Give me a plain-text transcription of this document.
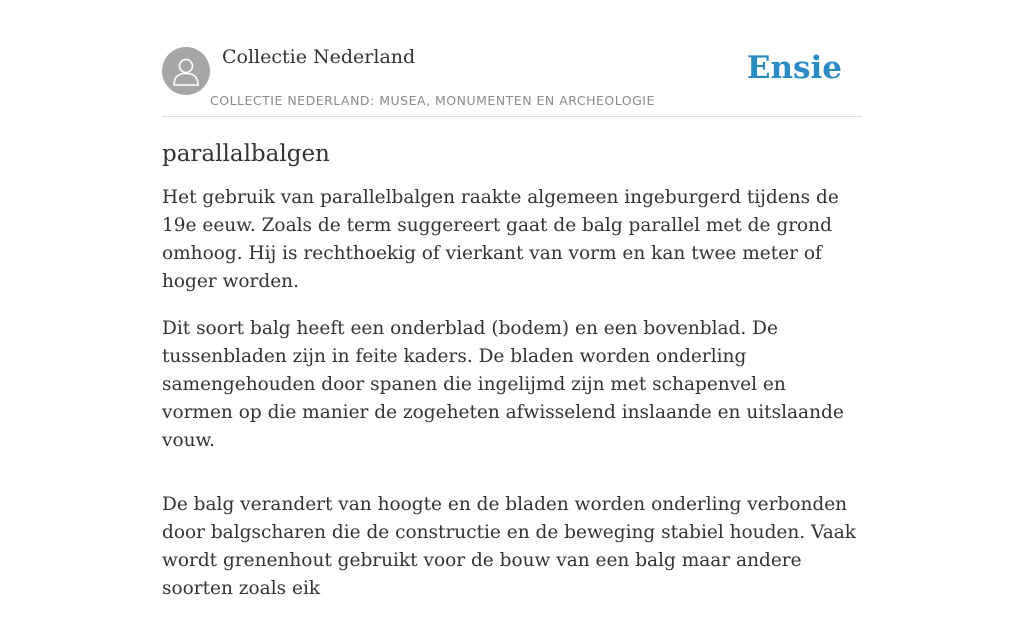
Collectie Nederland
COLLECTIE NEDERLAND: MUSEA, MONUMENTEN EN ARCHEOLOGIE
Ensie
parallalbalgen

Het gebruik van parallelbalgen raakte algemeen ingeburgerd tijdens de 19e eeuw. Zoals de term suggereert gaat de balg parallel met de grond omhoog. Hij is rechthoekig of vierkant van vorm en kan twee meter of hoger worden.

Dit soort balg heeft een onderblad (bodem) en een bovenblad. De tussenbladen zijn in feite kaders. De bladen worden onderling samengehouden door spanen die ingelijmd zijn met schapenvel en vormen op die manier de zogeheten afwisselend inslaande en uitslaande vouw.

De balg verandert van hoogte en de bladen worden onderling verbonden door balgscharen die de constructie en de beweging stabiel houden. Vaak wordt grenenhout gebruikt voor de bouw van een balg maar andere soorten zoals eik
